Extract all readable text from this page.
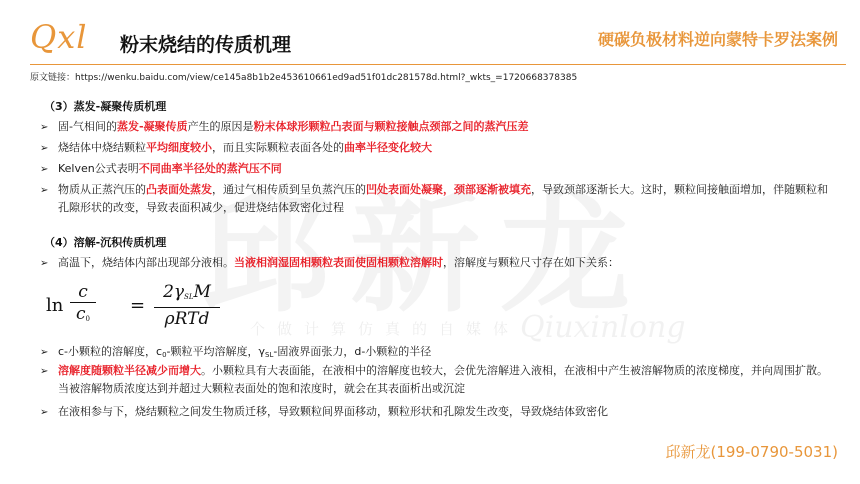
Qxl 粉末烧结的传质机理	硬碳负极材料逆向蒙特卡罗法案例
原文链接：https://wenku.baidu.com/view/ce145a8b1b2e453610661ed9ad51f01dc281578d.html?_wkts_=1720668378385
个做计算仿真的自媒体 Qiuxinlong
（3）蒸发-凝聚传质机理
➢ 固-气相间的蒸发-凝聚传质产生的原因是粉末体球形颗粒凸表面与颗粒接触点颈部之间的蒸汽压差
➢ 烧结体中烧结颗粒平均细度较小，而且实际颗粒表面各处的曲率半径变化较大
➢ Kelven公式表明不同曲率半径处的蒸汽压不同
➢ 物质从正蒸汽压的凸表面处蒸发，通过气相传质到呈负蒸汽压的凹处表面处凝聚，颈部逐渐被填充，导致颈部逐渐长大。这时，颗粒间接触面增加，伴随颗粒和孔隙形状的改变，导致表面积减少，促进烧结体致密化过程
（4）溶解-沉积传质机理
➢ 高温下，烧结体内部出现部分液相。当液相润湿固相颗粒表面使固相颗粒溶解时，溶解度与颗粒尺寸存在如下关系：
ln
c
$c_0$
=
$2\gamma_{SL}M$
ρRTd
➢ c-小颗粒的溶解度，$c_0-$颗粒平均溶解度，$\gamma_{SL}-$固液界面张力，d-小颗粒的半径
➢ 溶解度随颗粒半径减少而增大。小颗粒具有大表面能，在液相中的溶解度也较大，会优先溶解进入液相，在液相中产生被溶解物质的浓度梯度，并向周围扩散。当被溶解物质浓度达到并超过大颗粒表面处的饱和浓度时，就会在其表面析出或沉淀
➢ 在液相参与下，烧结颗粒之间发生物质迁移，导致颗粒间界面移动，颗粒形状和孔隙发生改变，导致烧结体致密化
邱新龙(199-0790-5031)
